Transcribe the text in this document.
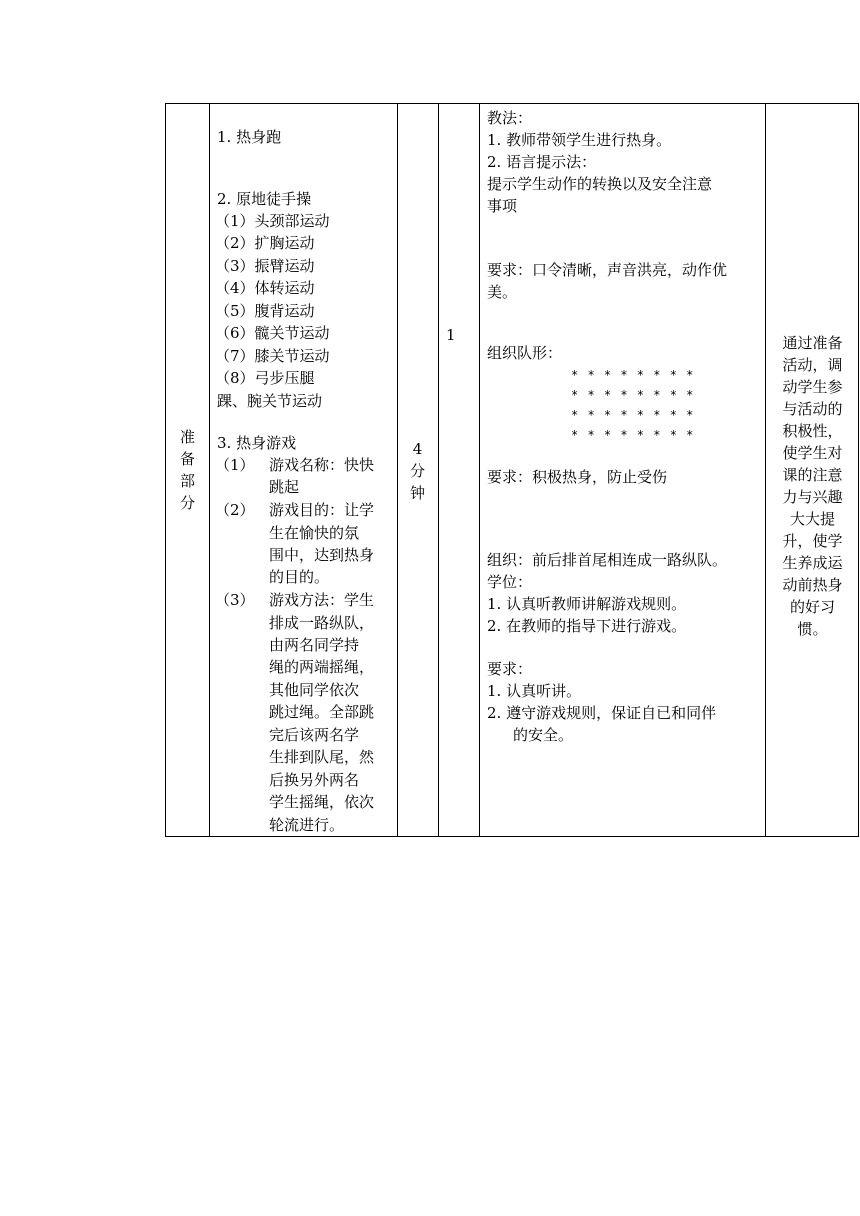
准
备
部
分
1. 热身跑
2. 原地徒手操
（1）头颈部运动
（2）扩胸运动
（3）振臂运动
（4）体转运动
（5）腹背运动
（6）髋关节运动
（7）膝关节运动
（8）弓步压腿
踝、腕关节运动
3. 热身游戏
（1） 游戏名称：快快
跳起
（2） 游戏目的：让学
生在愉快的氛
围中，达到热身
的目的。
（3） 游戏方法：学生
排成一路纵队，
由两名同学持
绳的两端摇绳，
其他同学依次
跳过绳。全部跳
完后该两名学
生排到队尾，然
后换另外两名
学生摇绳，依次
轮流进行。
4
分
钟
1
教法：
1. 教师带领学生进行热身。
2. 语言提示法：
提示学生动作的转换以及安全注意
事项
要求：口令清晰，声音洪亮，动作优
美。
组织队形：
* * * * * * * *
* * * * * * * *
* * * * * * * *
* * * * * * * *
要求：积极热身，防止受伤
组织：前后排首尾相连成一路纵队。
学位：
1. 认真听教师讲解游戏规则。
2. 在教师的指导下进行游戏。
要求：
1. 认真听讲。
2. 遵守游戏规则，保证自已和同伴
的安全。
通过准备
活动，调
动学生参
与活动的
积极性，
使学生对
课的注意
力与兴趣
大大提
升，使学
生养成运
动前热身
的好习
惯。
